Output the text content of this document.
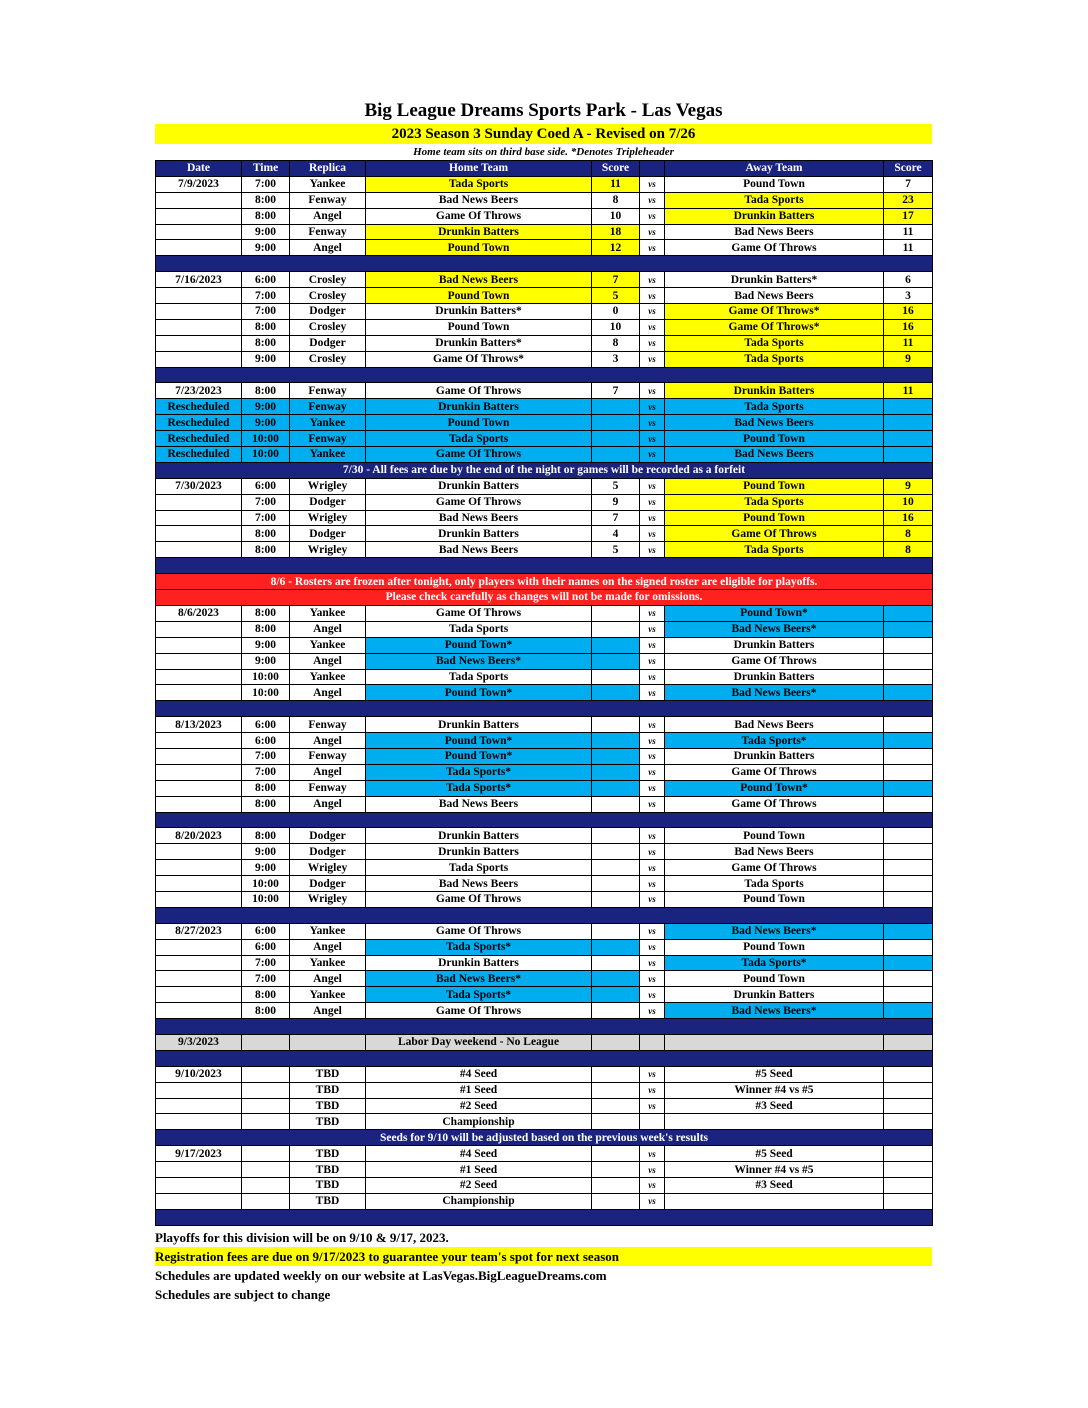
Big League Dreams Sports Park - Las Vegas
2023 Season 3 Sunday Coed A - Revised on 7/26
Home team sits on third base side. *Denotes Tripleheader
Date	Time	Replica	Home Team	Score		Away Team	Score
7/9/2023	7:00	Yankee	Tada Sports	11	vs	Pound Town	7
	8:00	Fenway	Bad News Beers	8	vs	Tada Sports	23
	8:00	Angel	Game Of Throws	10	vs	Drunkin Batters	17
	9:00	Fenway	Drunkin Batters	18	vs	Bad News Beers	11
	9:00	Angel	Pound Town	12	vs	Game Of Throws	11

7/16/2023	6:00	Crosley	Bad News Beers	7	vs	Drunkin Batters*	6
	7:00	Crosley	Pound Town	5	vs	Bad News Beers	3
	7:00	Dodger	Drunkin Batters*	0	vs	Game Of Throws*	16
	8:00	Crosley	Pound Town	10	vs	Game Of Throws*	16
	8:00	Dodger	Drunkin Batters*	8	vs	Tada Sports	11
	9:00	Crosley	Game Of Throws*	3	vs	Tada Sports	9

7/23/2023	8:00	Fenway	Game Of Throws	7	vs	Drunkin Batters	11
Rescheduled	9:00	Fenway	Drunkin Batters		vs	Tada Sports	
Rescheduled	9:00	Yankee	Pound Town		vs	Bad News Beers	
Rescheduled	10:00	Fenway	Tada Sports		vs	Pound Town	
Rescheduled	10:00	Yankee	Game Of Throws		vs	Bad News Beers	
7/30 - All fees are due by the end of the night or games will be recorded as a forfeit							
7/30/2023	6:00	Wrigley	Drunkin Batters	5	vs	Pound Town	9
	7:00	Dodger	Game Of Throws	9	vs	Tada Sports	10
	7:00	Wrigley	Bad News Beers	7	vs	Pound Town	16
	8:00	Dodger	Drunkin Batters	4	vs	Game Of Throws	8
	8:00	Wrigley	Bad News Beers	5	vs	Tada Sports	8

8/6 - Rosters are frozen after tonight, only players with their names on the signed roster are eligible for playoffs.							
Please check carefully as changes will not be made for omissions.							
8/6/2023	8:00	Yankee	Game Of Throws		vs	Pound Town*	
	8:00	Angel	Tada Sports		vs	Bad News Beers*	
	9:00	Yankee	Pound Town*		vs	Drunkin Batters	
	9:00	Angel	Bad News Beers*		vs	Game Of Throws	
	10:00	Yankee	Tada Sports		vs	Drunkin Batters	
	10:00	Angel	Pound Town*		vs	Bad News Beers*	

8/13/2023	6:00	Fenway	Drunkin Batters		vs	Bad News Beers	
	6:00	Angel	Pound Town*		vs	Tada Sports*	
	7:00	Fenway	Pound Town*		vs	Drunkin Batters	
	7:00	Angel	Tada Sports*		vs	Game Of Throws	
	8:00	Fenway	Tada Sports*		vs	Pound Town*	
	8:00	Angel	Bad News Beers		vs	Game Of Throws	

8/20/2023	8:00	Dodger	Drunkin Batters		vs	Pound Town	
	9:00	Dodger	Drunkin Batters		vs	Bad News Beers	
	9:00	Wrigley	Tada Sports		vs	Game Of Throws	
	10:00	Dodger	Bad News Beers		vs	Tada Sports	
	10:00	Wrigley	Game Of Throws		vs	Pound Town	

8/27/2023	6:00	Yankee	Game Of Throws		vs	Bad News Beers*	
	6:00	Angel	Tada Sports*		vs	Pound Town	
	7:00	Yankee	Drunkin Batters		vs	Tada Sports*	
	7:00	Angel	Bad News Beers*		vs	Pound Town	
	8:00	Yankee	Tada Sports*		vs	Drunkin Batters	
	8:00	Angel	Game Of Throws		vs	Bad News Beers*	

9/3/2023			Labor Day weekend - No League				

9/10/2023		TBD	#4 Seed		vs	#5 Seed	
		TBD	#1 Seed		vs	Winner #4 vs #5	
		TBD	#2 Seed		vs	#3 Seed	
		TBD	Championship				
Seeds for 9/10 will be adjusted based on the previous week's results							
9/17/2023		TBD	#4 Seed		vs	#5 Seed	
		TBD	#1 Seed		vs	Winner #4 vs #5	
		TBD	#2 Seed		vs	#3 Seed	
		TBD	Championship		vs		

Playoffs for this division will be on 9/10 & 9/17, 2023.
Registration fees are due on 9/17/2023 to guarantee your team's spot for next season
Schedules are updated weekly on our website at LasVegas.BigLeagueDreams.com
Schedules are subject to change
